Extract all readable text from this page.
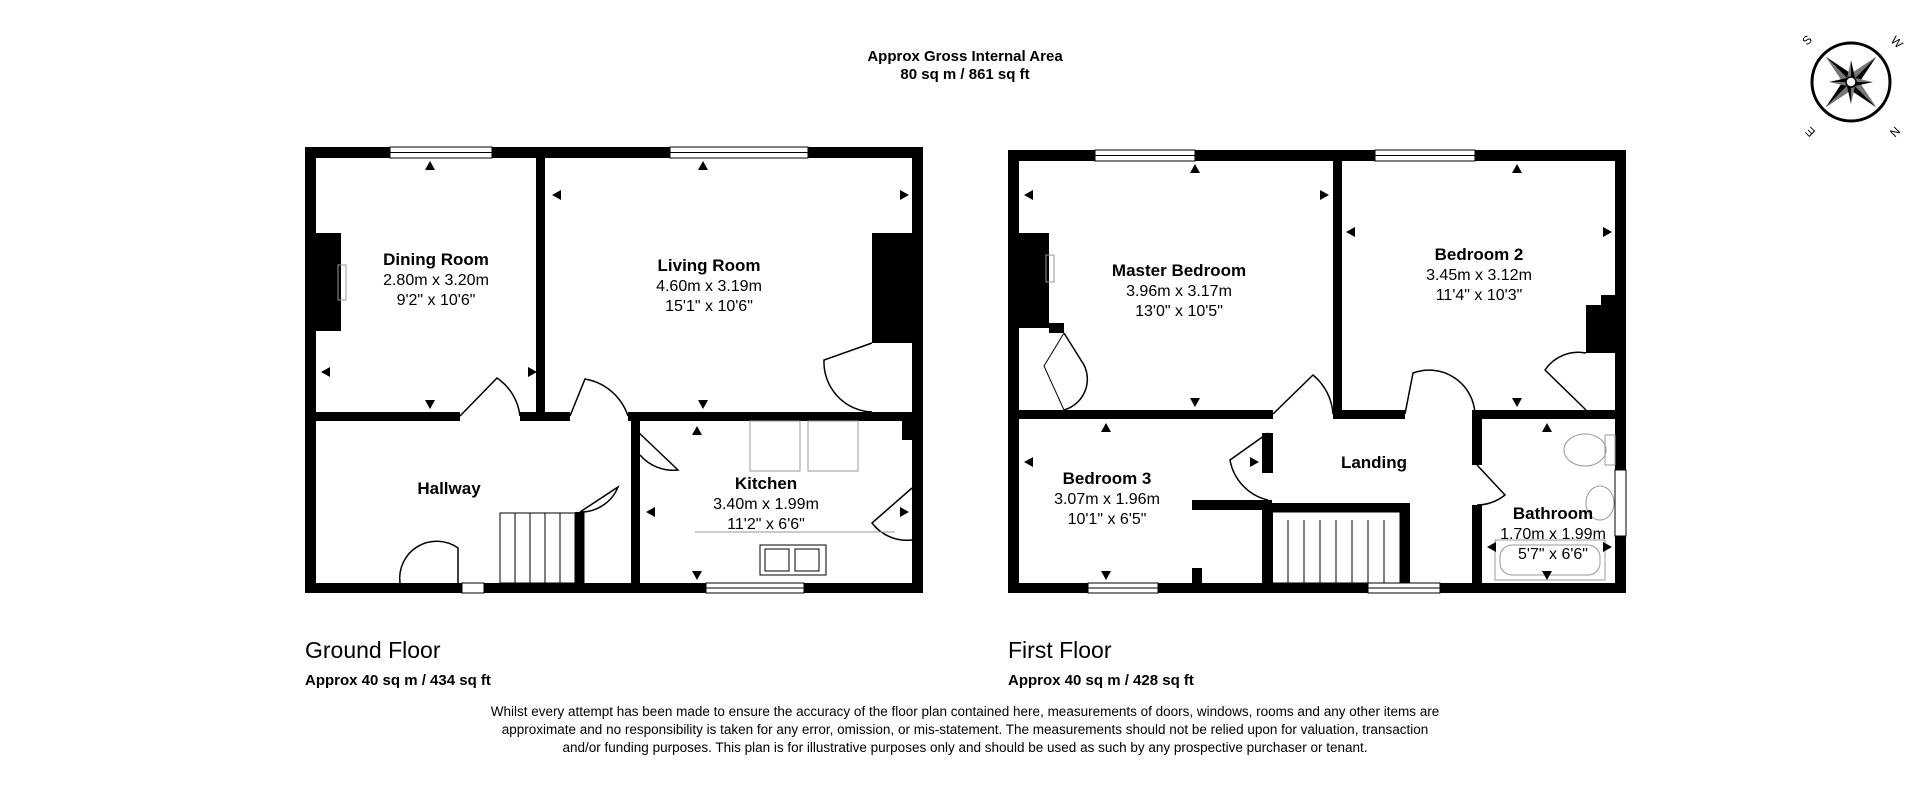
Approx Gross Internal Area
80 sq m / 861 sq ft
Dining Room
2.80m x 3.20m
9'2" x 10'6"
Living Room
4.60m x 3.19m
15'1" x 10'6"
Hallway	Kitchen
3.40m x 1.99m
11'2" x 6'6"
Master Bedroom
3.96m x 3.17m
13'0" x 10'5"
Bedroom 2
3.45m x 3.12m
11'4" x 10'3"
Bedroom 3
3.07m x 1.96m
10'1" x 6'5"
Landing
Bathroom
1.70m x 1.99m
5'7" x 6'6"
S	W
N
E
Ground Floor
Approx 40 sq m / 434 sq ft
First Floor
Approx 40 sq m / 428 sq ft
Whilst every attempt has been made to ensure the accuracy of the floor plan contained here, measurements of doors, windows, rooms and any other items are approximate and no responsibility is taken for any error, omission, or mis-statement. The measurements should not be relied upon for valuation, transaction and/or funding purposes. This plan is for illustrative purposes only and should be used as such by any prospective purchaser or tenant.
